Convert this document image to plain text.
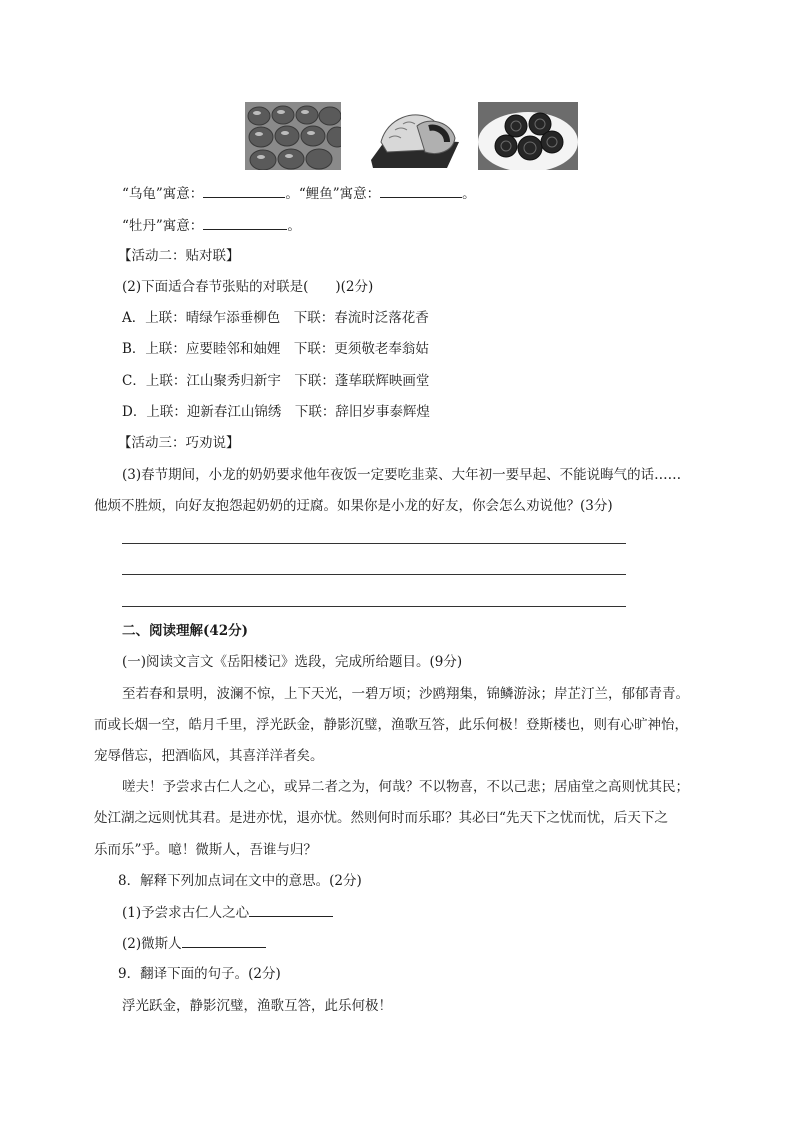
“乌龟”寓意：	。“鲤鱼”寓意：	。
“牡丹”寓意：	。
【活动二：贴对联】
(2)下面适合春节张贴的对联是(　　)(2分)
A．上联：晴绿乍添垂柳色　下联：春流时泛落花香
B．上联：应要睦邻和妯娌　下联：更须敬老奉翁姑
C．上联：江山聚秀归新宇　下联：蓬荜联辉映画堂
D．上联：迎新春江山锦绣　下联：辞旧岁事泰辉煌
【活动三：巧劝说】
(3)春节期间，小龙的奶奶要求他年夜饭一定要吃韭菜、大年初一要早起、不能说晦气的话……
他烦不胜烦，向好友抱怨起奶奶的迂腐。如果你是小龙的好友，你会怎么劝说他？(3分)
二、阅读理解(42分)
(一)阅读文言文《岳阳楼记》选段，完成所给题目。(9分)
至若春和景明，波澜不惊，上下天光，一碧万顷；沙鸥翔集，锦鳞游泳；岸芷汀兰，郁郁青青。
而或长烟一空，皓月千里，浮光跃金，静影沉璧，渔歌互答，此乐何极！登斯楼也，则有心旷神怡，
宠辱偕忘，把酒临风，其喜洋洋者矣。
嗟夫！予尝求古仁人之心，或异二者之为，何哉？不以物喜，不以己悲；居庙堂之高则忧其民；
处江湖之远则忧其君。是进亦忧，退亦忧。然则何时而乐耶？其必曰“先天下之忧而忧，后天下之
乐而乐”乎。噫！微斯人，吾谁与归？
8．解释下列加点词在文中的意思。(2分)
(1)予尝求古仁人之心
(2)微斯人
9．翻译下面的句子。(2分)
浮光跃金，静影沉璧，渔歌互答，此乐何极！
